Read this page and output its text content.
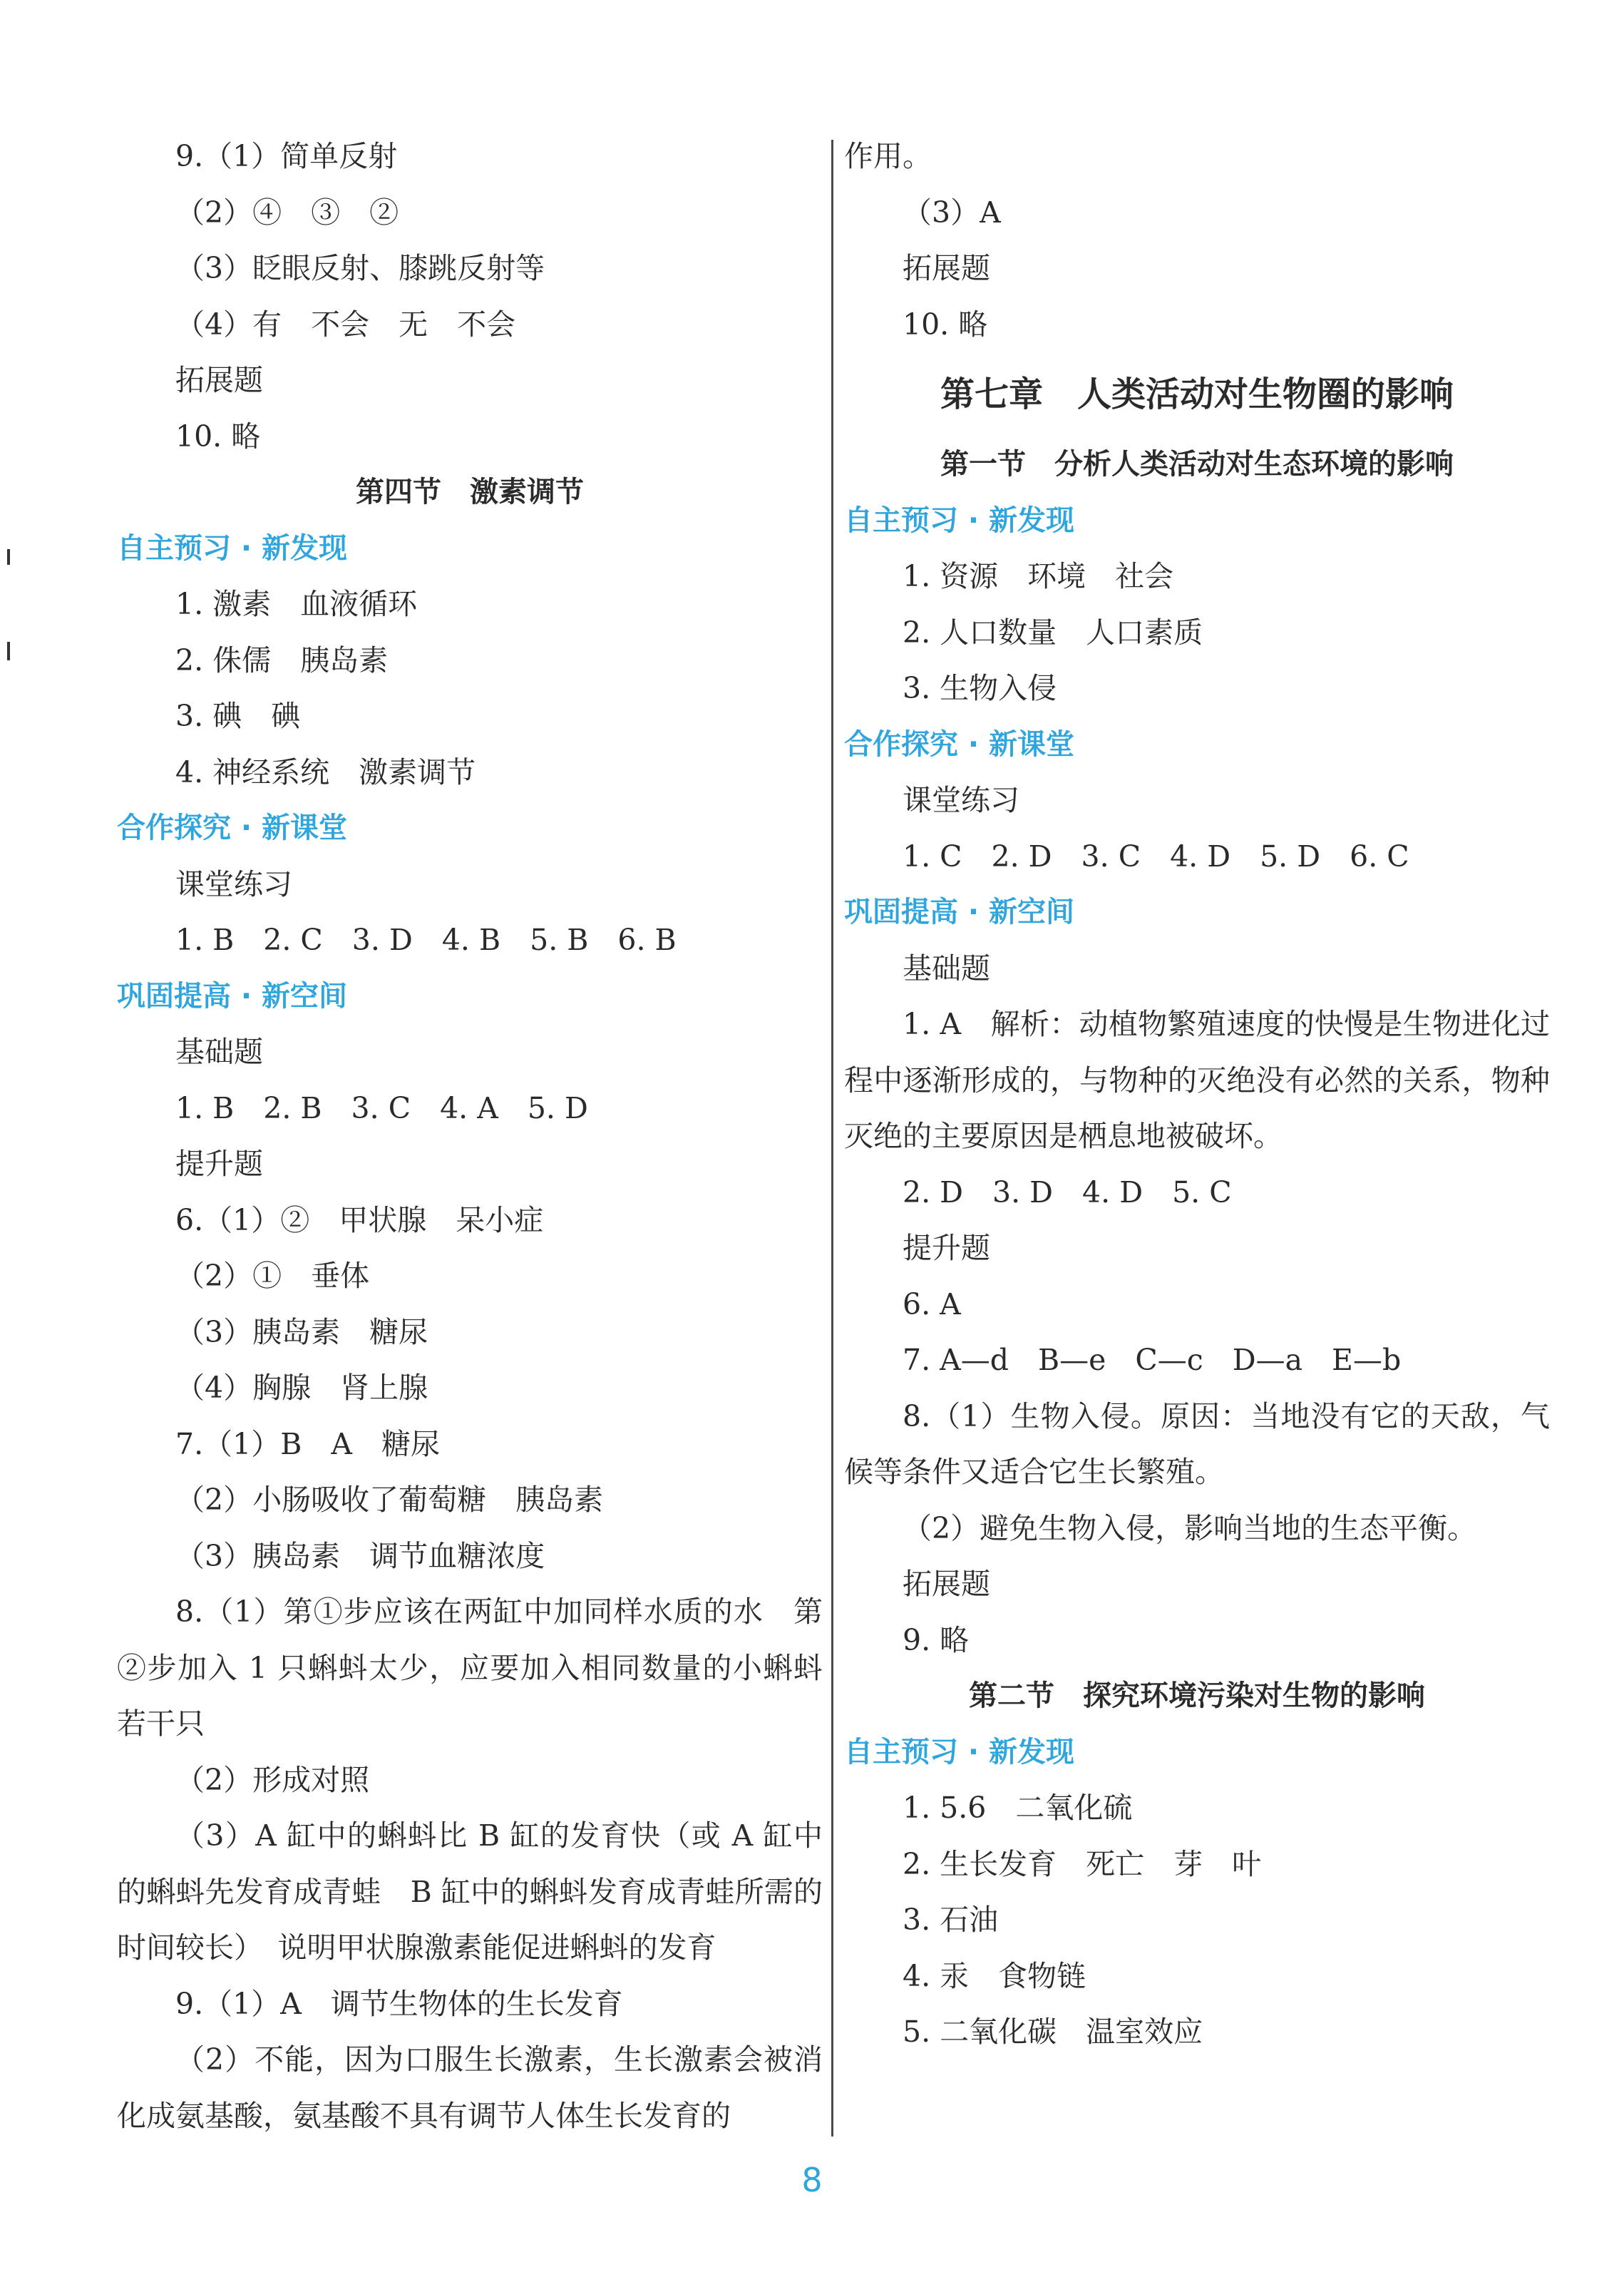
9.（1）简单反射
（2）④　③　②
（3）眨眼反射、膝跳反射等
（4）有　不会　无　不会
拓展题
10. 略
第四节　激素调节
自主预习 · 新发现
1. 激素　血液循环
2. 侏儒　胰岛素
3. 碘　碘
4. 神经系统　激素调节
合作探究 · 新课堂
课堂练习
1. B　2. C　3. D　4. B　5. B　6. B
巩固提高 · 新空间
基础题
1. B　2. B　3. C　4. A　5. D
提升题
6.（1）②　甲状腺　呆小症
（2）①　垂体
（3）胰岛素　糖尿
（4）胸腺　肾上腺
7.（1）B　A　糖尿
（2）小肠吸收了葡萄糖　胰岛素
（3）胰岛素　调节血糖浓度
8.（1）第①步应该在两缸中加同样水质的水　第②步加入 1 只蝌蚪太少，应要加入相同数量的小蝌蚪若干只
（2）形成对照
（3）A 缸中的蝌蚪比 B 缸的发育快（或 A 缸中的蝌蚪先发育成青蛙　B 缸中的蝌蚪发育成青蛙所需的时间较长）　说明甲状腺激素能促进蝌蚪的发育
9.（1）A　调节生物体的生长发育
（2）不能，因为口服生长激素，生长激素会被消化成氨基酸，氨基酸不具有调节人体生长发育的
作用。
（3）A
拓展题
10. 略
第七章　人类活动对生物圈的影响
第一节　分析人类活动对生态环境的影响
自主预习 · 新发现
1. 资源　环境　社会
2. 人口数量　人口素质
3. 生物入侵
合作探究 · 新课堂
课堂练习
1. C　2. D　3. C　4. D　5. D　6. C
巩固提高 · 新空间
基础题
1. A　解析：动植物繁殖速度的快慢是生物进化过程中逐渐形成的，与物种的灭绝没有必然的关系，物种灭绝的主要原因是栖息地被破坏。
2. D　3. D　4. D　5. C
提升题
6. A
7. A—d　B—e　C—c　D—a　E—b
8.（1）生物入侵。原因：当地没有它的天敌，气候等条件又适合它生长繁殖。
（2）避免生物入侵，影响当地的生态平衡。
拓展题
9. 略
第二节　探究环境污染对生物的影响
自主预习 · 新发现
1. 5.6　二氧化硫
2. 生长发育　死亡　芽　叶
3. 石油
4. 汞　食物链
5. 二氧化碳　温室效应
8
